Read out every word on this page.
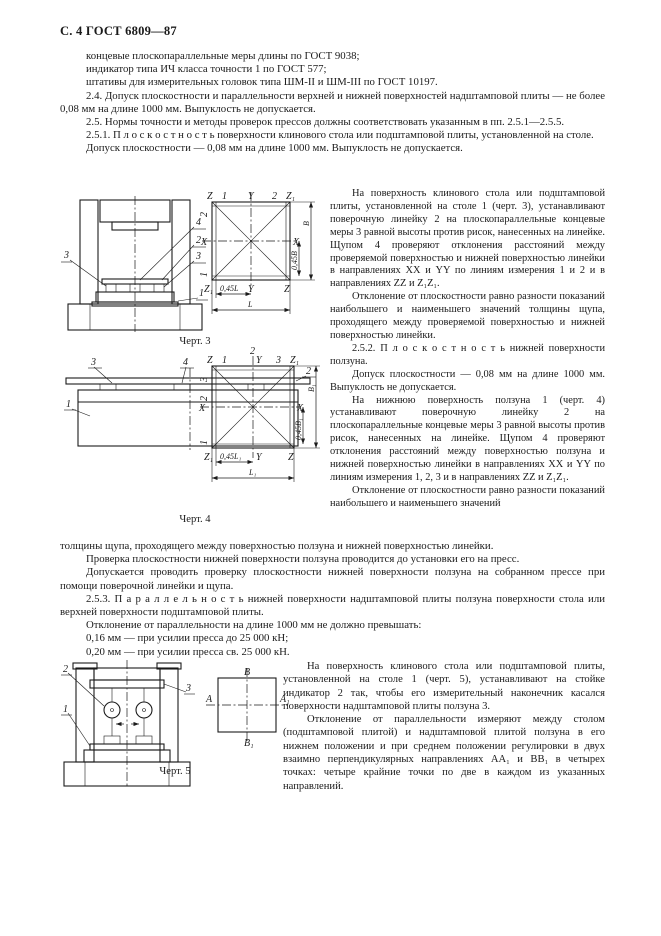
С. 4 ГОСТ 6809—87

концевые плоскопараллельные меры длины по ГОСТ 9038;

индикатор типа ИЧ класса точности 1 по ГОСТ 577;

штативы для измерительных головок типа ШМ-II и ШМ-III по ГОСТ 10197.

2.4. Допуск плоскостности и параллельности верхней и нижней поверхностей надштамповой плиты — не более 0,08 мм на длине 1000 мм. Выпуклость не допускается.

2.5. Нормы точности и методы проверок прессов должны соответствовать указанным в пп. 2.5.1—2.5.5.

2.5.1. П л о с к о с т н о с т ь поверхности клинового стола или подштамповой плиты, установленной на столе.

Допуск плоскостности — 0,08 мм на длине 1000 мм. Выпуклость не допускается.

3
4
2
3
1
Z 1 Y 2 Z₁
2
X
1
Z₁	Y	Z
X
0,45B
B
0,45L
L
Черт. 3
3	4
2
1
Z 1
2
Y 3 Z₁
3
2
X
1
Z₁	Y	Z
X
0,45B₁
B₁
0,45L₁
L₁
Черт. 4

На поверхность клинового стола или подштамповой плиты, установленной на столе 1 (черт. 3), устанавливают поверочную линейку 2 на плоскопараллельные концевые меры 3 равной высоты против рисок, нанесенных на линейке. Щупом 4 проверяют отклонения расстояний между проверяемой поверхностью и нижней поверхностью линейки в направлениях XX и YY по линиям измерения 1 и 2 и в направлениях ZZ и Z₁Z₁.

Отклонение от плоскостности равно разности показаний наибольшего и наименьшего значений толщины щупа, проходящего между проверяемой поверхностью и нижней поверхностью линейки.

2.5.2. П л о с к о с т н о с т ь нижней поверхности ползуна.

Допуск плоскостности — 0,08 мм на длине 1000 мм. Выпуклость не допускается.

На нижнюю поверхность ползуна 1 (черт. 4) устанавливают поверочную линейку 2 на плоскопараллельные концевые меры 3 равной высоты против рисок, нанесенных на линейке. Щупом 4 проверяют отклонения расстояний между поверхностью ползуна и нижней поверхностью линейки в направлениях XX и YY по линиям измерения 1, 2, 3 и в направлениях ZZ и Z₁Z₁.

Отклонение от плоскостности равно разности показаний наибольшего и наименьшего значений

толщины щупа, проходящего между поверхностью ползуна и нижней поверхностью линейки.

Проверка плоскостности нижней поверхности ползуна проводится до установки его на пресс.

Допускается проводить проверку плоскостности нижней поверхности ползуна на собранном прессе при помощи поверочной линейки и щупа.

2.5.3. П а р а л л е л ь н о с т ь нижней поверхности надштамповой плиты ползуна поверхности стола или верхней поверхности подштамповой плиты.

Отклонение от параллельности на длине 1000 мм не должно превышать:

0,16 мм — при усилии пресса до 25 000 кН;

0,20 мм — при усилии пресса св. 25 000 кН.

2
1
3
B
A	A₁
B₁
Черт. 5

На поверхность клинового стола или подштамповой плиты, установленной на столе 1 (черт. 5), устанавливают на стойке индикатор 2 так, чтобы его измерительный наконечник касался поверхности надштамповой плиты ползуна 3.

Отклонение от параллельности измеряют между столом (подштамповой плитой) и надштамповой плитой ползуна в его нижнем положении и при среднем положении регулировки в двух взаимно перпендикулярных направлениях AA₁ и BB₁ в четырех точках: четыре крайние точки по две в каждом из указанных направлений.
